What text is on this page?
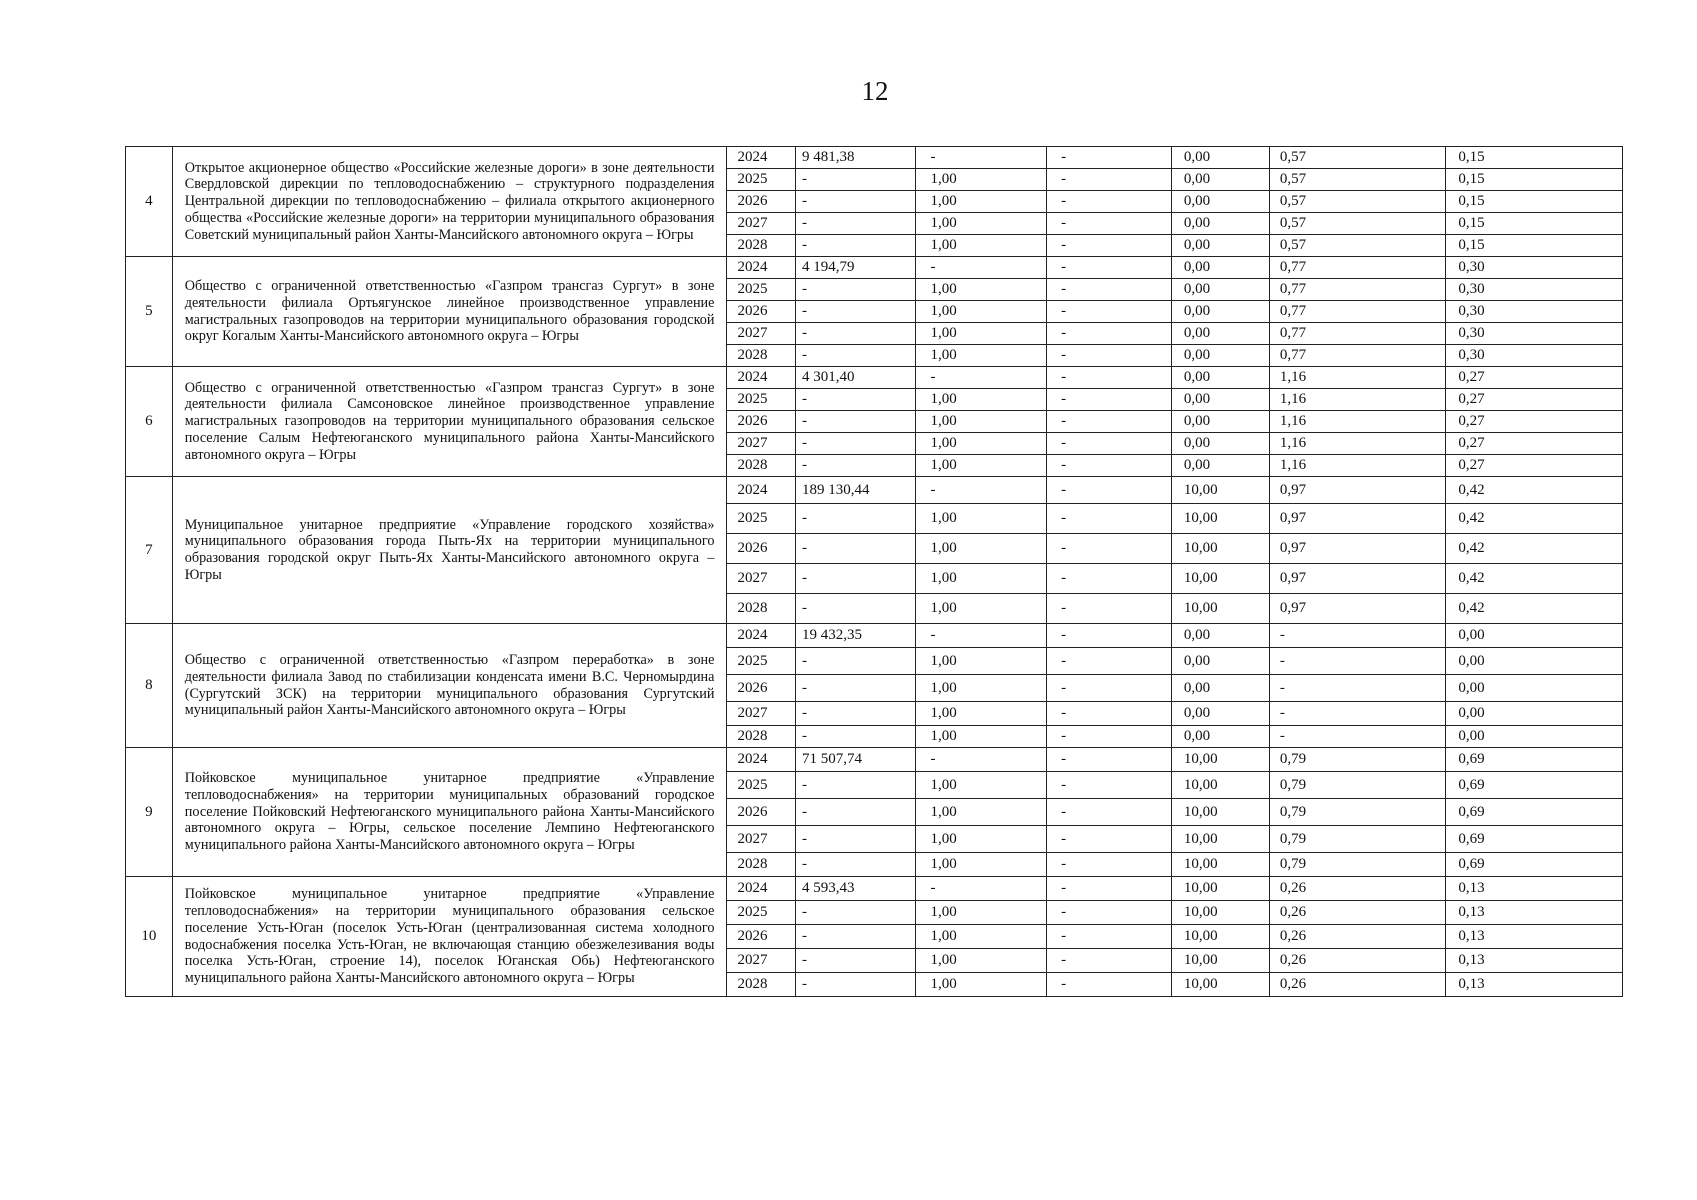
12
4	Открытое акционерное общество «Российские железные дороги» в зоне деятельности Свердловской дирекции по тепловодоснабжению – структурного подразделения Центральной дирекции по тепловодоснабжению – филиала открытого акционерного общества «Российские железные дороги» на территории муниципального образования Советский муниципальный район Ханты-Мансийского автономного округа – Югры	2024	9 481,38	-	-	0,00	0,57	0,15
		2025	-	1,00	-	0,00	0,57	0,15
		2026	-	1,00	-	0,00	0,57	0,15
		2027	-	1,00	-	0,00	0,57	0,15
		2028	-	1,00	-	0,00	0,57	0,15
5	Общество с ограниченной ответственностью «Газпром трансгаз Сургут» в зоне деятельности филиала Ортьягунское линейное производственное управление магистральных газопроводов на территории муниципального образования городской округ Когалым Ханты-Мансийского автономного округа – Югры	2024	4 194,79	-	-	0,00	0,77	0,30
		2025	-	1,00	-	0,00	0,77	0,30
		2026	-	1,00	-	0,00	0,77	0,30
		2027	-	1,00	-	0,00	0,77	0,30
		2028	-	1,00	-	0,00	0,77	0,30
6	Общество с ограниченной ответственностью «Газпром трансгаз Сургут» в зоне деятельности филиала Самсоновское линейное производственное управление магистральных газопроводов на территории муниципального образования сельское поселение Салым Нефтеюганского муниципального района Ханты-Мансийского автономного округа – Югры	2024	4 301,40	-	-	0,00	1,16	0,27
		2025	-	1,00	-	0,00	1,16	0,27
		2026	-	1,00	-	0,00	1,16	0,27
		2027	-	1,00	-	0,00	1,16	0,27
		2028	-	1,00	-	0,00	1,16	0,27
7	Муниципальное унитарное предприятие «Управление городского хозяйства» муниципального образования города Пыть-Ях на территории муниципального образования городской округ Пыть-Ях Ханты-Мансийского автономного округа – Югры	2024	189 130,44	-	-	10,00	0,97	0,42
		2025	-	1,00	-	10,00	0,97	0,42
		2026	-	1,00	-	10,00	0,97	0,42
		2027	-	1,00	-	10,00	0,97	0,42
		2028	-	1,00	-	10,00	0,97	0,42
8	Общество с ограниченной ответственностью «Газпром переработка» в зоне деятельности филиала Завод по стабилизации конденсата имени В.С. Черномырдина (Сургутский ЗСК) на территории муниципального образования Сургутский муниципальный район Ханты-Мансийского автономного округа – Югры	2024	19 432,35	-	-	0,00	-	0,00
		2025	-	1,00	-	0,00	-	0,00
		2026	-	1,00	-	0,00	-	0,00
		2027	-	1,00	-	0,00	-	0,00
		2028	-	1,00	-	0,00	-	0,00
9	Пойковское муниципальное унитарное предприятие «Управление тепловодоснабжения» на территории муниципальных образований городское поселение Пойковский Нефтеюганского муниципального района Ханты-Мансийского автономного округа – Югры, сельское поселение Лемпино Нефтеюганского муниципального района Ханты-Мансийского автономного округа – Югры	2024	71 507,74	-	-	10,00	0,79	0,69
		2025	-	1,00	-	10,00	0,79	0,69
		2026	-	1,00	-	10,00	0,79	0,69
		2027	-	1,00	-	10,00	0,79	0,69
		2028	-	1,00	-	10,00	0,79	0,69
10	Пойковское муниципальное унитарное предприятие «Управление тепловодоснабжения» на территории муниципального образования сельское поселение Усть-Юган (поселок Усть-Юган (централизованная система холодного водоснабжения поселка Усть-Юган, не включающая станцию обезжелезивания воды поселка Усть-Юган, строение 14), поселок Юганская Обь) Нефтеюганского муниципального района Ханты-Мансийского автономного округа – Югры	2024	4 593,43	-	-	10,00	0,26	0,13
		2025	-	1,00	-	10,00	0,26	0,13
		2026	-	1,00	-	10,00	0,26	0,13
		2027	-	1,00	-	10,00	0,26	0,13
		2028	-	1,00	-	10,00	0,26	0,13
